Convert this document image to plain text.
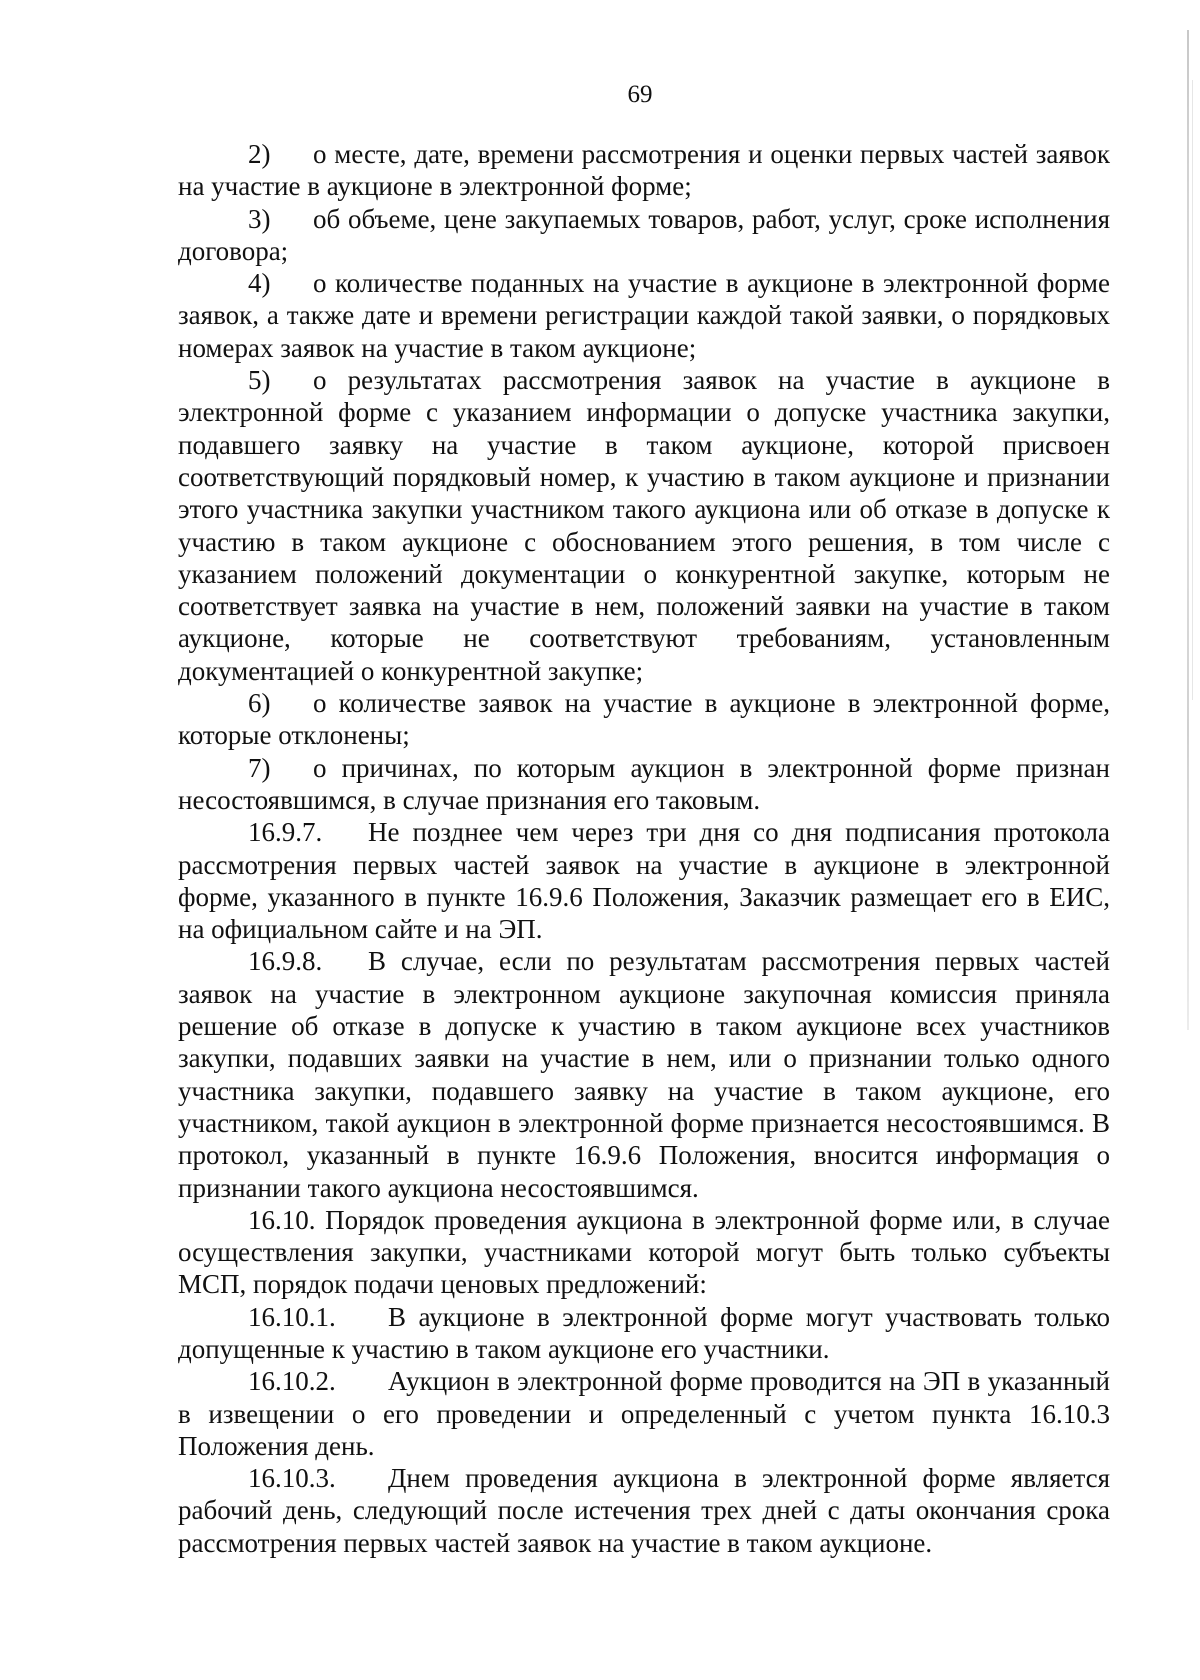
69

2) о месте, дате, времени рассмотрения и оценки первых частей заявок на участие в аукционе в электронной форме;

3) об объеме, цене закупаемых товаров, работ, услуг, сроке исполнения договора;

4) о количестве поданных на участие в аукционе в электронной форме заявок, а также дате и времени регистрации каждой такой заявки, о порядковых номерах заявок на участие в таком аукционе;

5) о результатах рассмотрения заявок на участие в аукционе в электронной форме с указанием информации о допуске участника закупки, подавшего заявку на участие в таком аукционе, которой присвоен соответствующий порядковый номер, к участию в таком аукционе и признании этого участника закупки участником такого аукциона или об отказе в допуске к участию в таком аукционе с обоснованием этого решения, в том числе с указанием положений документации о конкурентной закупке, которым не соответствует заявка на участие в нем, положений заявки на участие в таком аукционе, которые не соответствуют требованиям, установленным документацией о конкурентной закупке;

6) о количестве заявок на участие в аукционе в электронной форме, которые отклонены;

7) о причинах, по которым аукцион в электронной форме признан несостоявшимся, в случае признания его таковым.

16.9.7. Не позднее чем через три дня со дня подписания протокола рассмотрения первых частей заявок на участие в аукционе в электронной форме, указанного в пункте 16.9.6 Положения, Заказчик размещает его в ЕИС, на официальном сайте и на ЭП.

16.9.8. В случае, если по результатам рассмотрения первых частей заявок на участие в электронном аукционе закупочная комиссия приняла решение об отказе в допуске к участию в таком аукционе всех участников закупки, подавших заявки на участие в нем, или о признании только одного участника закупки, подавшего заявку на участие в таком аукционе, его участником, такой аукцион в электронной форме признается несостоявшимся. В протокол, указанный в пункте 16.9.6 Положения, вносится информация о признании такого аукциона несостоявшимся.

16.10. Порядок проведения аукциона в электронной форме или, в случае осуществления закупки, участниками которой могут быть только субъекты МСП, порядок подачи ценовых предложений:

16.10.1. В аукционе в электронной форме могут участвовать только допущенные к участию в таком аукционе его участники.

16.10.2. Аукцион в электронной форме проводится на ЭП в указанный в извещении о его проведении и определенный с учетом пункта 16.10.3 Положения день.

16.10.3. Днем проведения аукциона в электронной форме является рабочий день, следующий после истечения трех дней с даты окончания срока рассмотрения первых частей заявок на участие в таком аукционе.
